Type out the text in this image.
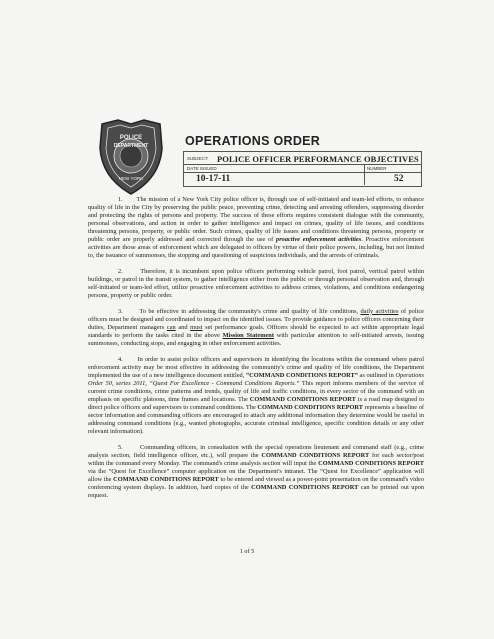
POLICE
DEPARTMENT
NEW YORK
OPERATIONS ORDER
SUBJECT: POLICE OFFICER PERFORMANCE OBJECTIVES
DATE ISSUED	NUMBER
10-17-11	52

1. The mission of a New York City police officer is, through use of self-initiated and team-led efforts, to enhance quality of life in the City by preserving the public peace, preventing crime, detecting and arresting offenders, suppressing disorder and protecting the rights of persons and property. The success of these efforts requires consistent dialogue with the community, personal observations, and action in order to gather intelligence and impact on crimes, quality of life issues, and conditions threatening persons, property, or public order. Such crimes, quality of life issues and conditions threatening persons, property or public order are properly addressed and corrected through the use of proactive enforcement activities. Proactive enforcement activities are those areas of enforcement which are delegated to officers by virtue of their police powers, including, but not limited to, the issuance of summonses, the stopping and questioning of suspicious individuals, and the arrests of criminals.

2.	Therefore, it is incumbent upon police officers performing vehicle patrol, foot patrol, vertical patrol within buildings, or patrol in the transit system, to gather intelligence either from the public or through personal observation and, through self-initiated or team-led effort, utilize proactive enforcement activities to address crimes, violations, and conditions endangering persons, property or public order.

3.	To be effective in addressing the community's crime and quality of life conditions, daily activities of police officers must be designed and coordinated to impact on the identified issues. To provide guidance to police officers concerning their duties, Department managers can and must set performance goals. Officers should be expected to act within appropriate legal standards to perform the tasks cited in the above Mission Statement with particular attention to self-initiated arrests, issuing summonses, conducting stops, and engaging in other enforcement activities.

4. In order to assist police officers and supervisors in identifying the locations within the command where patrol enforcement activity may be most effective in addressing the community's crime and quality of life conditions, the Department implemented the use of a new intelligence document entitled, “COMMAND CONDITIONS REPORT” as outlined in Operations Order 50, series 2011, “Quest For Excellence - Command Conditions Reports.” This report informs members of the service of current crime conditions, crime patterns and trends, quality of life and traffic conditions, in every sector of the command with an emphasis on specific platoons, time frames and locations. The COMMAND CONDITIONS REPORT is a road map designed to direct police officers and supervisors to command conditions. The COMMAND CONDITIONS REPORT represents a baseline of sector information and commanding officers are encouraged to attach any additional information they determine would be useful in addressing command conditions (e.g., wanted photographs, accurate criminal intelligence, specific condition details or any other relevant information).

5.	Commanding officers, in consultation with the special operations lieutenant and command staff (e.g., crime analysis section, field intelligence officer, etc.), will prepare the COMMAND CONDITIONS REPORT for each sector/post within the command every Monday. The command's crime analysis section will input the COMMAND CONDITIONS REPORT via the “Quest for Excellence” computer application on the Department's intranet. The “Quest for Excellence” application will allow the COMMAND CONDITIONS REPORT to be entered and viewed as a power-point presentation on the command's video conferencing system displays. In addition, hard copies of the COMMAND CONDITIONS REPORT can be printed out upon request.

1 of 5
